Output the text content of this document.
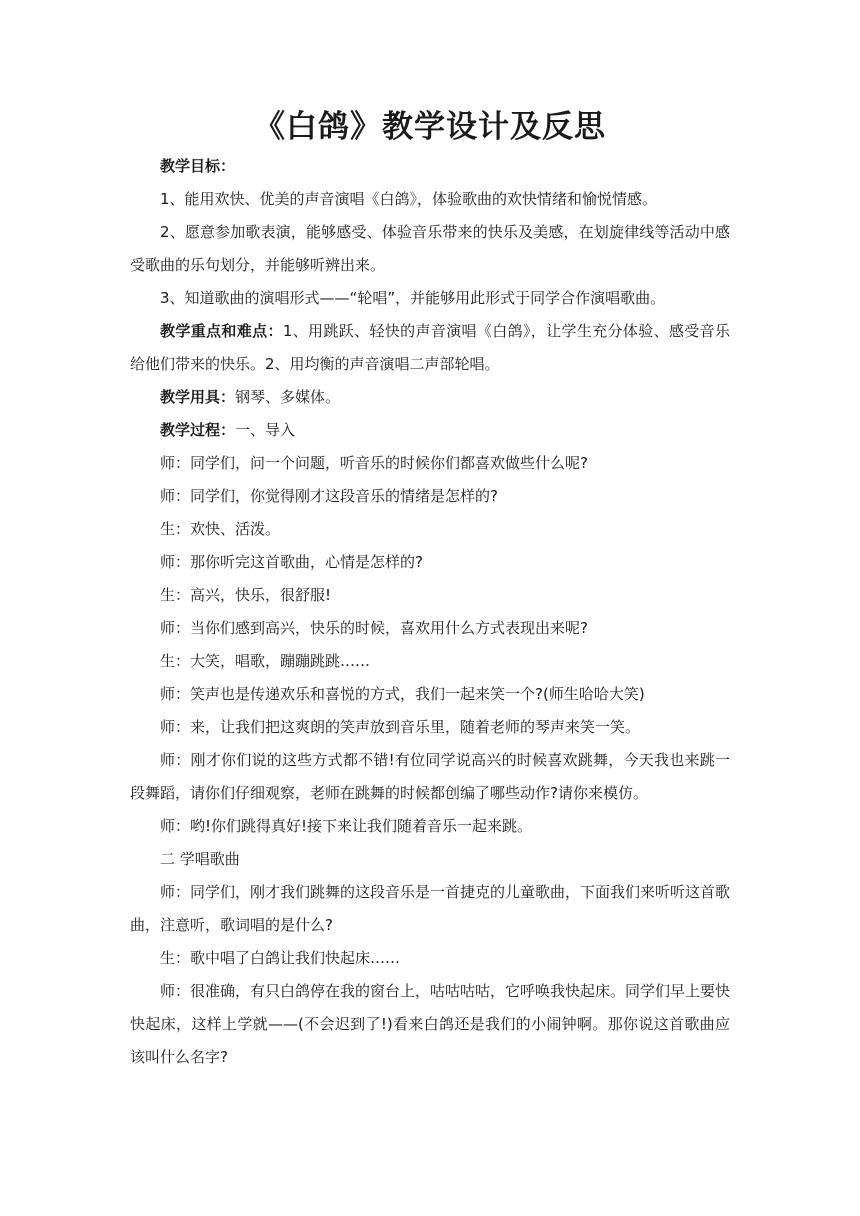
《白鸽》教学设计及反思

教学目标：

1、能用欢快、优美的声音演唱《白鸽》，体验歌曲的欢快情绪和愉悦情感。

2、愿意参加歌表演，能够感受、体验音乐带来的快乐及美感，在划旋律线等活动中感受歌曲的乐句划分，并能够听辨出来。

3、知道歌曲的演唱形式——“轮唱”，并能够用此形式于同学合作演唱歌曲。

教学重点和难点：1、用跳跃、轻快的声音演唱《白鸽》，让学生充分体验、感受音乐给他们带来的快乐。2、用均衡的声音演唱二声部轮唱。

教学用具：钢琴、多媒体。

教学过程：一、导入

师：同学们，问一个问题，听音乐的时候你们都喜欢做些什么呢?

师：同学们，你觉得刚才这段音乐的情绪是怎样的?

生：欢快、活泼。

师：那你听完这首歌曲，心情是怎样的?

生：高兴，快乐，很舒服!

师：当你们感到高兴，快乐的时候，喜欢用什么方式表现出来呢?

生：大笑，唱歌，蹦蹦跳跳……

师：笑声也是传递欢乐和喜悦的方式，我们一起来笑一个?(师生哈哈大笑)

师：来，让我们把这爽朗的笑声放到音乐里，随着老师的琴声来笑一笑。

师：刚才你们说的这些方式都不错!有位同学说高兴的时候喜欢跳舞，今天我也来跳一段舞蹈，请你们仔细观察，老师在跳舞的时候都创编了哪些动作?请你来模仿。

师：哟!你们跳得真好!接下来让我们随着音乐一起来跳。

二 学唱歌曲

师：同学们，刚才我们跳舞的这段音乐是一首捷克的儿童歌曲，下面我们来听听这首歌曲，注意听，歌词唱的是什么?

生：歌中唱了白鸽让我们快起床……

师：很准确，有只白鸽停在我的窗台上，咕咕咕咕，它呼唤我快起床。同学们早上要快快起床，这样上学就——(不会迟到了!)看来白鸽还是我们的小闹钟啊。那你说这首歌曲应该叫什么名字?
